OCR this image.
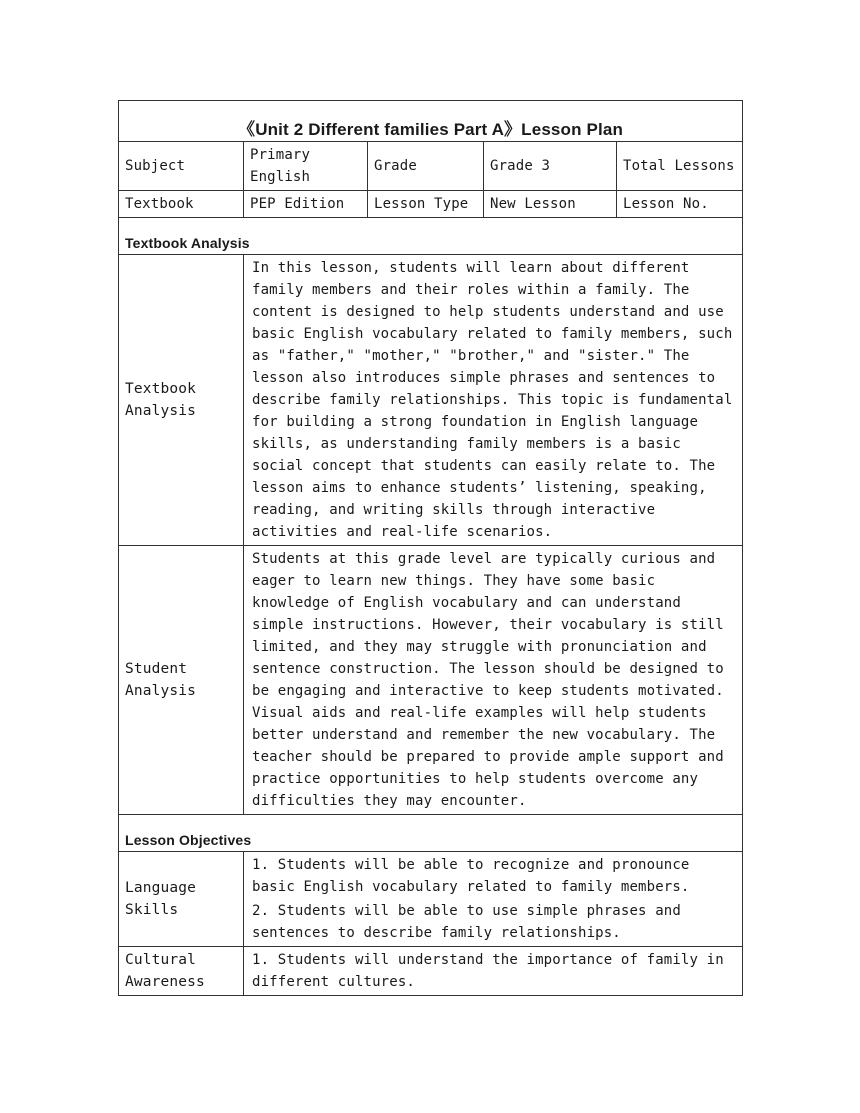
《Unit 2 Different families Part A》Lesson Plan				
Subject	Primary English	Grade	Grade 3	Total Lessons
Textbook	PEP Edition	Lesson Type	New Lesson	Lesson No.
Textbook Analysis				
Textbook Analysis	In this lesson, students will learn about different family members and their roles within a family. The content is designed to help students understand and use basic English vocabulary related to family members, such as "father," "mother," "brother," and "sister." The lesson also introduces simple phrases and sentences to describe family relationships. This topic is fundamental for building a strong foundation in English language skills, as understanding family members is a basic social concept that students can easily relate to. The lesson aims to enhance students’ listening, speaking, reading, and writing skills through interactive activities and real-life scenarios.			
Student Analysis	Students at this grade level are typically curious and eager to learn new things. They have some basic knowledge of English vocabulary and can understand simple instructions. However, their vocabulary is still limited, and they may struggle with pronunciation and sentence construction. The lesson should be designed to be engaging and interactive to keep students motivated. Visual aids and real-life examples will help students better understand and remember the new vocabulary. The teacher should be prepared to provide ample support and practice opportunities to help students overcome any difficulties they may encounter.			
Lesson Objectives				
Language Skills	1. Students will be able to recognize and pronounce basic English vocabulary related to family members.
2. Students will be able to use simple phrases and sentences to describe family relationships.			

Cultural Awareness	1. Students will understand the importance of family in different cultures.			
